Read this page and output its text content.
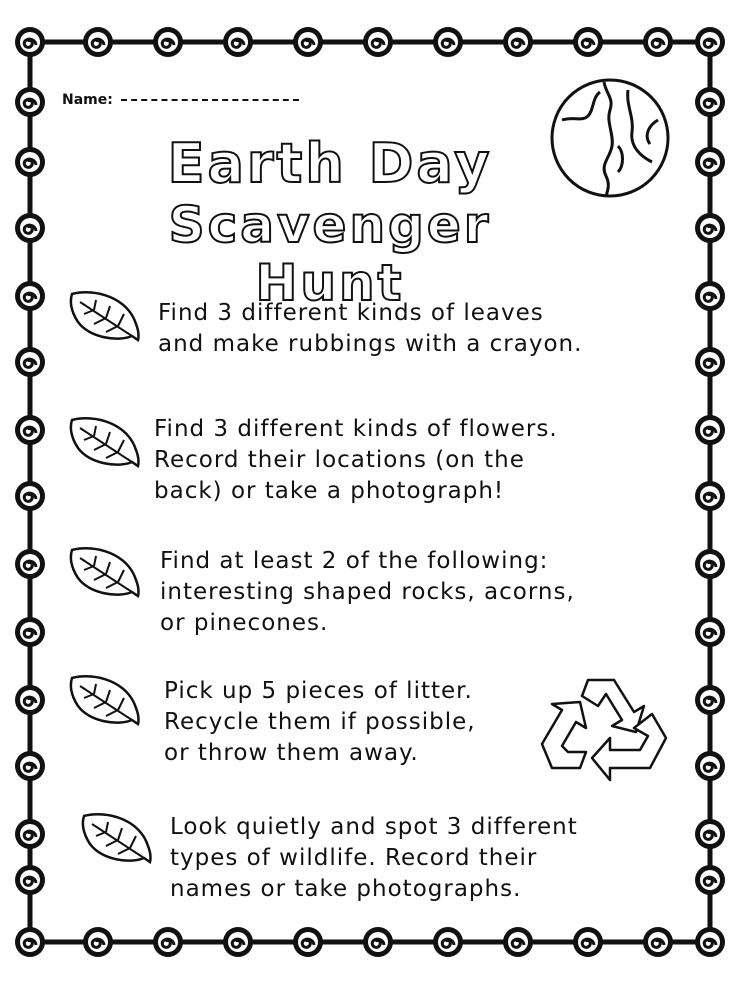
Name:
Earth Day
Scavenger Hunt
Find 3 different kinds of leaves
and make rubbings with a crayon.
Find 3 different kinds of flowers.
Record their locations (on the
back) or take a photograph!
Find at least 2 of the following:
interesting shaped rocks, acorns,
or pinecones.
Pick up 5 pieces of litter.
Recycle them if possible,
or throw them away.
Look quietly and spot 3 different
types of wildlife. Record their
names or take photographs.
